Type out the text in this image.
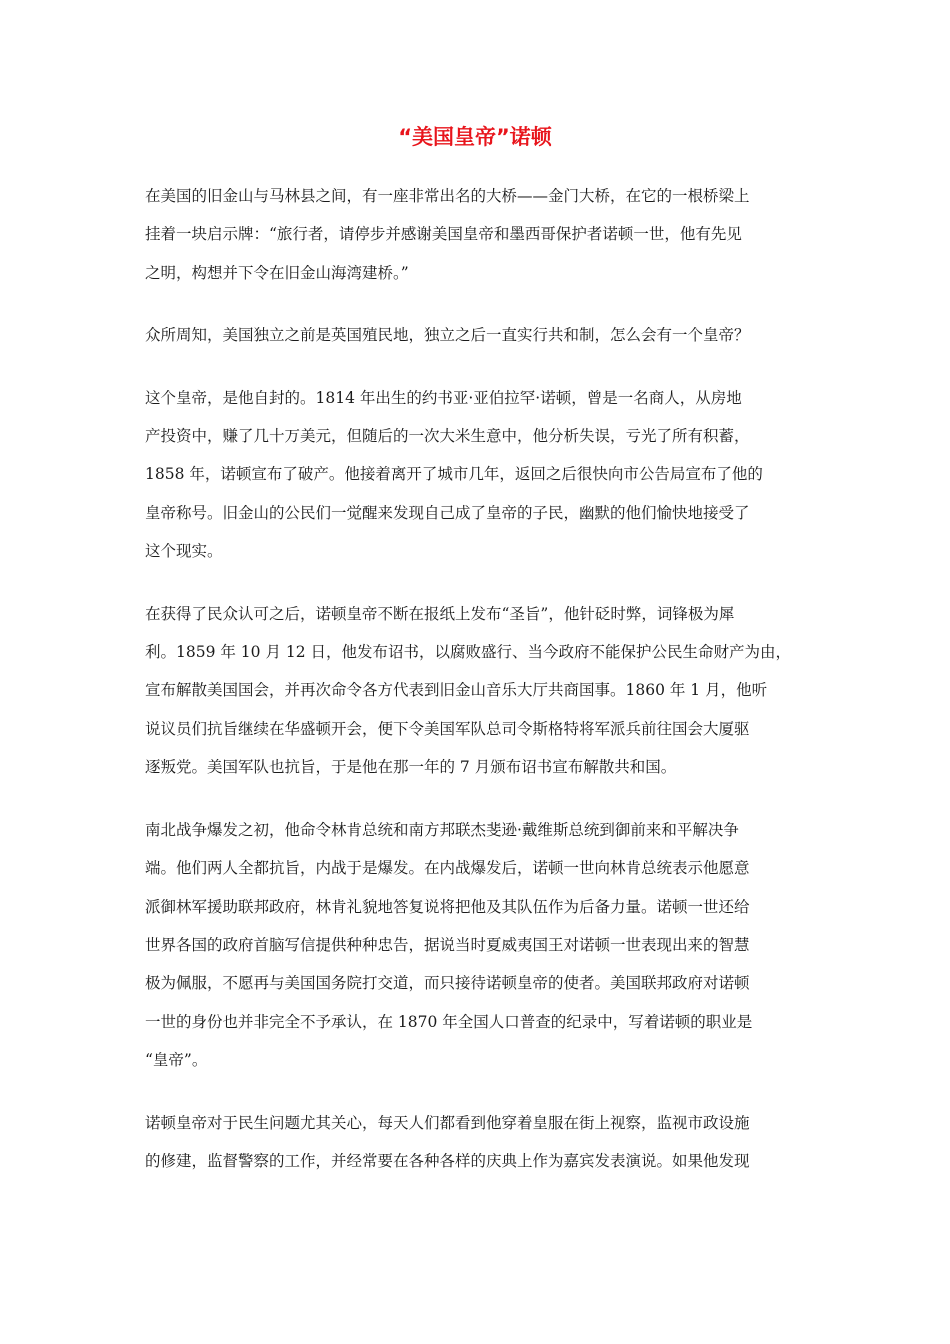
“美国皇帝”诺顿

在美国的旧金山与马林县之间，有一座非常出名的大桥——金门大桥，在它的一根桥梁上
挂着一块启示牌：“旅行者，请停步并感谢美国皇帝和墨西哥保护者诺顿一世，他有先见
之明，构想并下令在旧金山海湾建桥。”

众所周知，美国独立之前是英国殖民地，独立之后一直实行共和制，怎么会有一个皇帝？

这个皇帝，是他自封的。1814 年出生的约书亚·亚伯拉罕·诺顿，曾是一名商人，从房地
产投资中，赚了几十万美元，但随后的一次大米生意中，他分析失误，亏光了所有积蓄，
1858 年，诺顿宣布了破产。他接着离开了城市几年，返回之后很快向市公告局宣布了他的
皇帝称号。旧金山的公民们一觉醒来发现自己成了皇帝的子民，幽默的他们愉快地接受了
这个现实。

在获得了民众认可之后，诺顿皇帝不断在报纸上发布“圣旨”，他针砭时弊，词锋极为犀
利。1859 年 10 月 12 日，他发布诏书，以腐败盛行、当今政府不能保护公民生命财产为由，
宣布解散美国国会，并再次命令各方代表到旧金山音乐大厅共商国事。1860 年 1 月，他听
说议员们抗旨继续在华盛顿开会，便下令美国军队总司令斯格特将军派兵前往国会大厦驱
逐叛党。美国军队也抗旨，于是他在那一年的 7 月颁布诏书宣布解散共和国。

南北战争爆发之初，他命令林肯总统和南方邦联杰斐逊·戴维斯总统到御前来和平解决争
端。他们两人全都抗旨，内战于是爆发。在内战爆发后，诺顿一世向林肯总统表示他愿意
派御林军援助联邦政府，林肯礼貌地答复说将把他及其队伍作为后备力量。诺顿一世还给
世界各国的政府首脑写信提供种种忠告，据说当时夏威夷国王对诺顿一世表现出来的智慧
极为佩服，不愿再与美国国务院打交道，而只接待诺顿皇帝的使者。美国联邦政府对诺顿
一世的身份也并非完全不予承认，在 1870 年全国人口普查的纪录中，写着诺顿的职业是
“皇帝”。

诺顿皇帝对于民生问题尤其关心，每天人们都看到他穿着皇服在街上视察，监视市政设施
的修建，监督警察的工作，并经常要在各种各样的庆典上作为嘉宾发表演说。如果他发现
